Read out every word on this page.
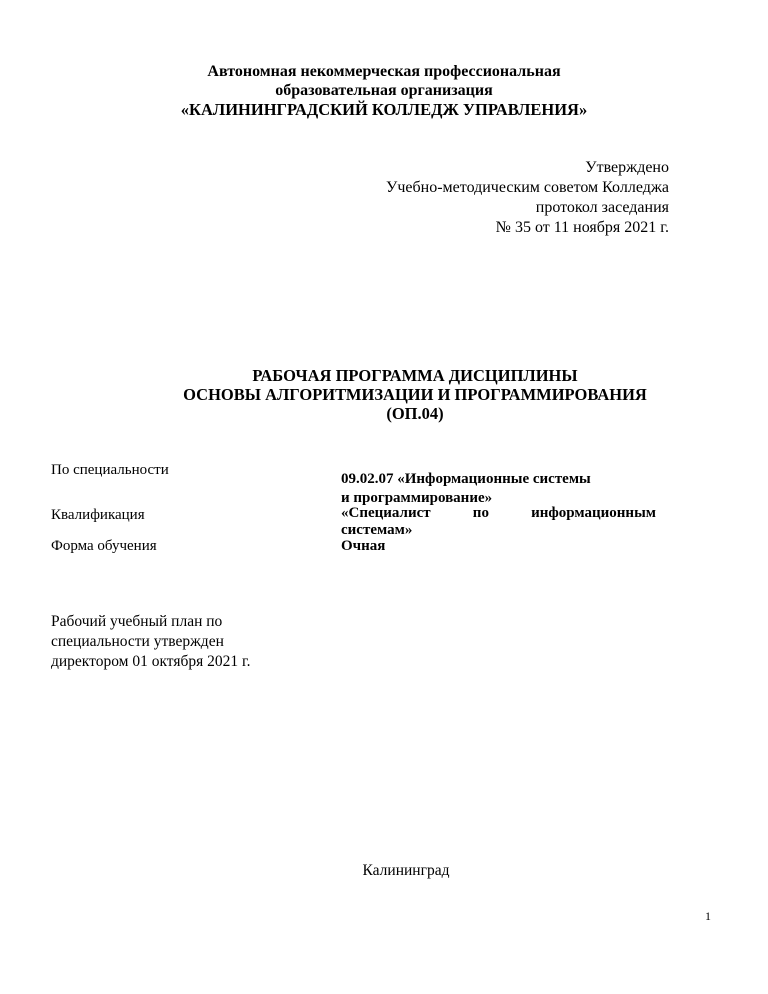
Автономная некоммерческая профессиональная
образовательная организация
«КАЛИНИНГРАДСКИЙ КОЛЛЕДЖ УПРАВЛЕНИЯ»
Утверждено
Учебно-методическим советом Колледжа
протокол заседания
№ 35 от 11 ноября 2021 г.
РАБОЧАЯ ПРОГРАММА ДИСЦИПЛИНЫ
ОСНОВЫ АЛГОРИТМИЗАЦИИ И ПРОГРАММИРОВАНИЯ
(ОП.04)
По специальности
Квалификация
Форма обучения
09.02.07 «Информационные системы
и программирование»
«Специалист по информационным
системам»
Очная
Рабочий учебный план по
специальности утвержден
директором 01 октября 2021 г.
Калининград
1
